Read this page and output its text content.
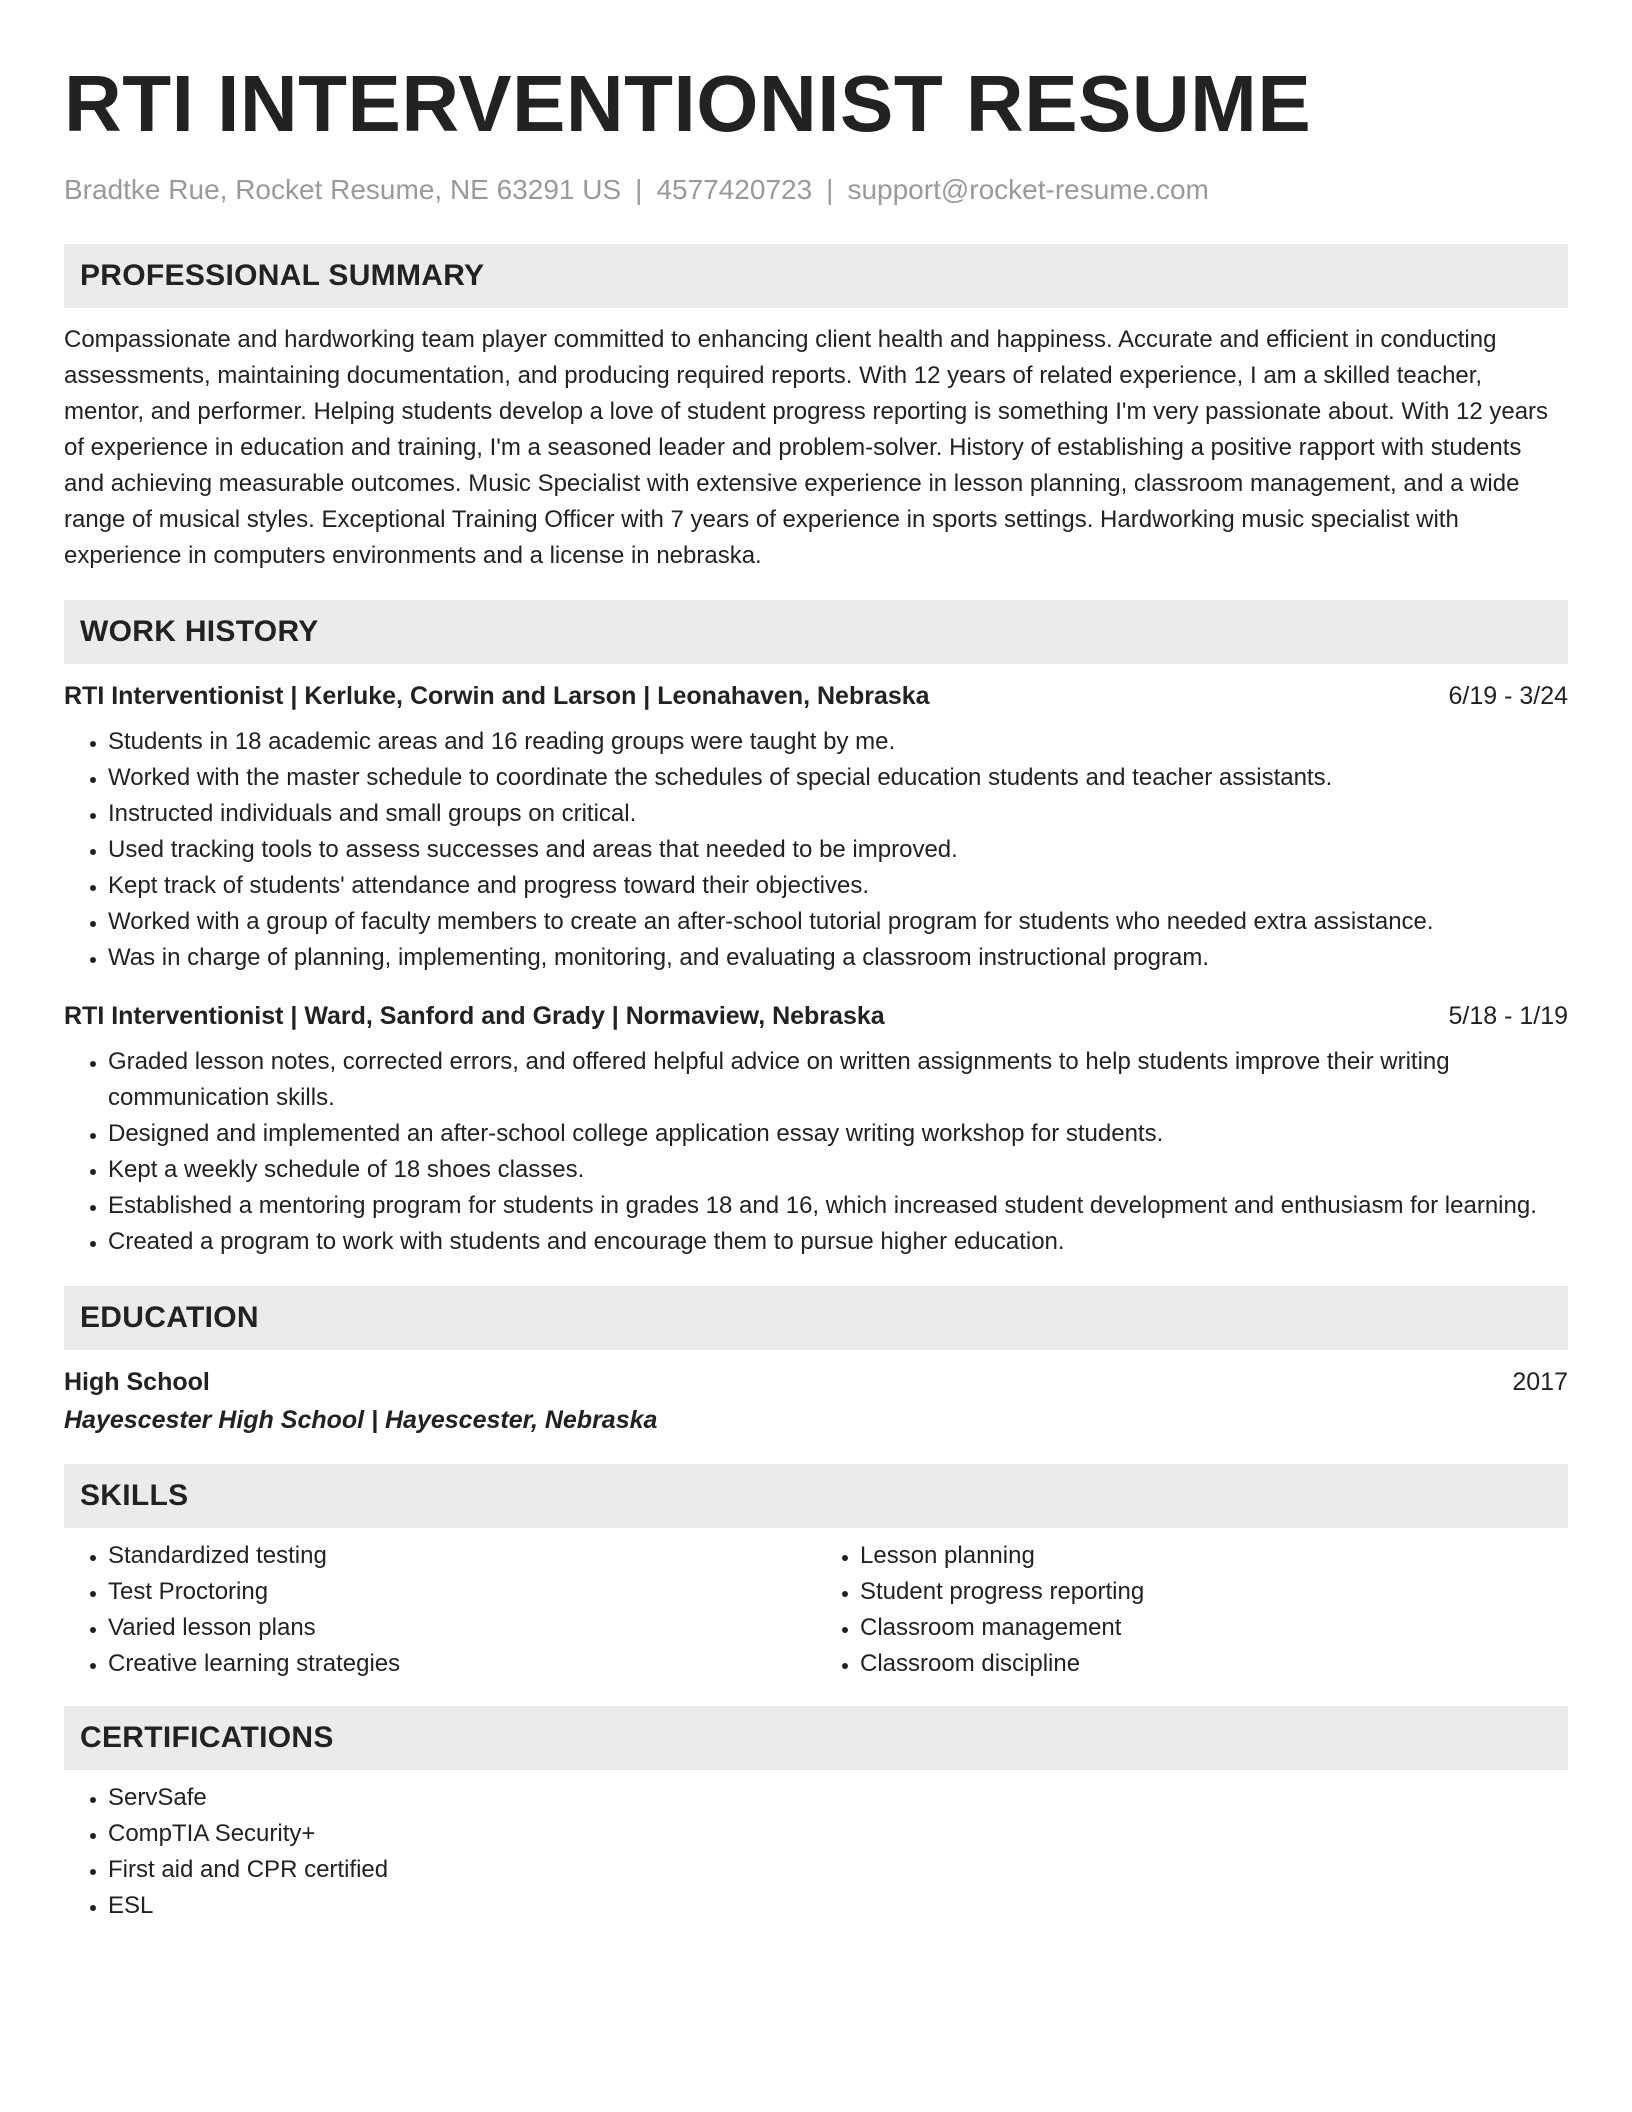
RTI INTERVENTIONIST RESUME
Bradtke Rue, Rocket Resume, NE 63291 US | 4577420723 | support@rocket-resume.com
PROFESSIONAL SUMMARY
Compassionate and hardworking team player committed to enhancing client health and happiness. Accurate and efficient in conducting assessments, maintaining documentation, and producing required reports. With 12 years of related experience, I am a skilled teacher, mentor, and performer. Helping students develop a love of student progress reporting is something I'm very passionate about. With 12 years of experience in education and training, I'm a seasoned leader and problem-solver. History of establishing a positive rapport with students and achieving measurable outcomes. Music Specialist with extensive experience in lesson planning, classroom management, and a wide range of musical styles. Exceptional Training Officer with 7 years of experience in sports settings. Hardworking music specialist with experience in computers environments and a license in nebraska.
WORK HISTORY
RTI Interventionist | Kerluke, Corwin and Larson | Leonahaven, Nebraska	6/19 - 3/24
• Students in 18 academic areas and 16 reading groups were taught by me.
• Worked with the master schedule to coordinate the schedules of special education students and teacher assistants.
• Instructed individuals and small groups on critical.
• Used tracking tools to assess successes and areas that needed to be improved.
• Kept track of students' attendance and progress toward their objectives.
• Worked with a group of faculty members to create an after-school tutorial program for students who needed extra assistance.
• Was in charge of planning, implementing, monitoring, and evaluating a classroom instructional program.
RTI Interventionist | Ward, Sanford and Grady | Normaview, Nebraska	5/18 - 1/19
• Graded lesson notes, corrected errors, and offered helpful advice on written assignments to help students improve their writing communication skills.
• Designed and implemented an after-school college application essay writing workshop for students.
• Kept a weekly schedule of 18 shoes classes.
• Established a mentoring program for students in grades 18 and 16, which increased student development and enthusiasm for learning.
• Created a program to work with students and encourage them to pursue higher education.
EDUCATION
High School	2017
Hayescester High School | Hayescester, Nebraska
SKILLS
• Standardized testing
• Test Proctoring
• Varied lesson plans
• Creative learning strategies
• Lesson planning
• Student progress reporting
• Classroom management
• Classroom discipline
CERTIFICATIONS
• ServSafe
• CompTIA Security+
• First aid and CPR certified
• ESL
